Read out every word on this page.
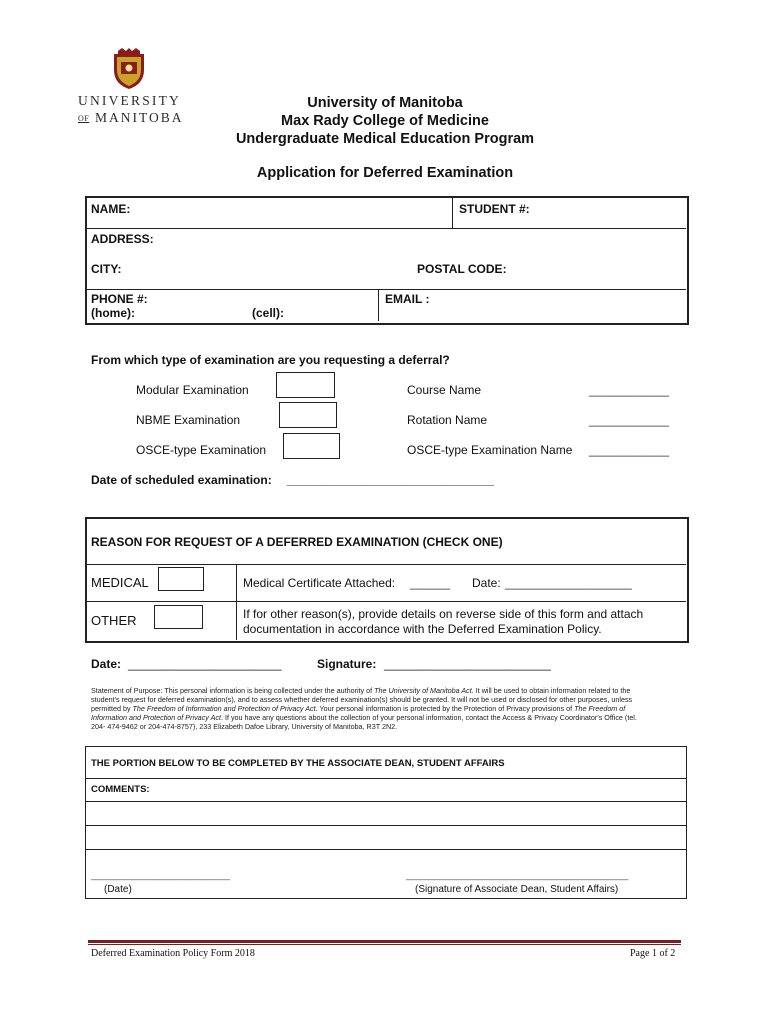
UNIVERSITY
OF MANITOBA
University of Manitoba
Max Rady College of Medicine
Undergraduate Medical Education Program
Application for Deferred Examination
NAME:	STUDENT #:
ADDRESS:
CITY:	POSTAL CODE:
PHONE #:
(home):	(cell):
EMAIL :
From which type of examination are you requesting a deferral?
Modular Examination	Course Name	____________
NBME Examination	Rotation Name	____________
OSCE-type Examination	OSCE-type Examination Name ____________
Date of scheduled examination: _______________________________
REASON FOR REQUEST OF A DEFERRED EXAMINATION (CHECK ONE)
MEDICAL	Medical Certificate Attached: ______ Date: ___________________
OTHER	If for other reason(s), provide details on reverse side of this form and attach
documentation in accordance with the Deferred Examination Policy.
Date: _______________________	Signature: _________________________
Statement of Purpose: This personal information is being collected under the authority of The University of Manitoba Act. It will be used to obtain information related to the
student's request for deferred examination(s), and to assess whether deferred examination(s) should be granted. It will not be used or disclosed for other purposes, unless
permitted by The Freedom of Information and Protection of Privacy Act. Your personal information is protected by the Protection of Privacy provisions of The Freedom of
Information and Protection of Privacy Act. If you have any questions about the collection of your personal information, contact the Access & Privacy Coordinator's Office (tel.
204- 474-9462 or 204-474-8757), 233 Elizabeth Dafoe Library, University of Manitoba, R3T 2N2.
THE PORTION BELOW TO BE COMPLETED BY THE ASSOCIATE DEAN, STUDENT AFFAIRS
COMMENTS:
_________________________
(Date)
________________________________________
(Signature of Associate Dean, Student Affairs)
Deferred Examination Policy Form 2018	Page 1 of 2
